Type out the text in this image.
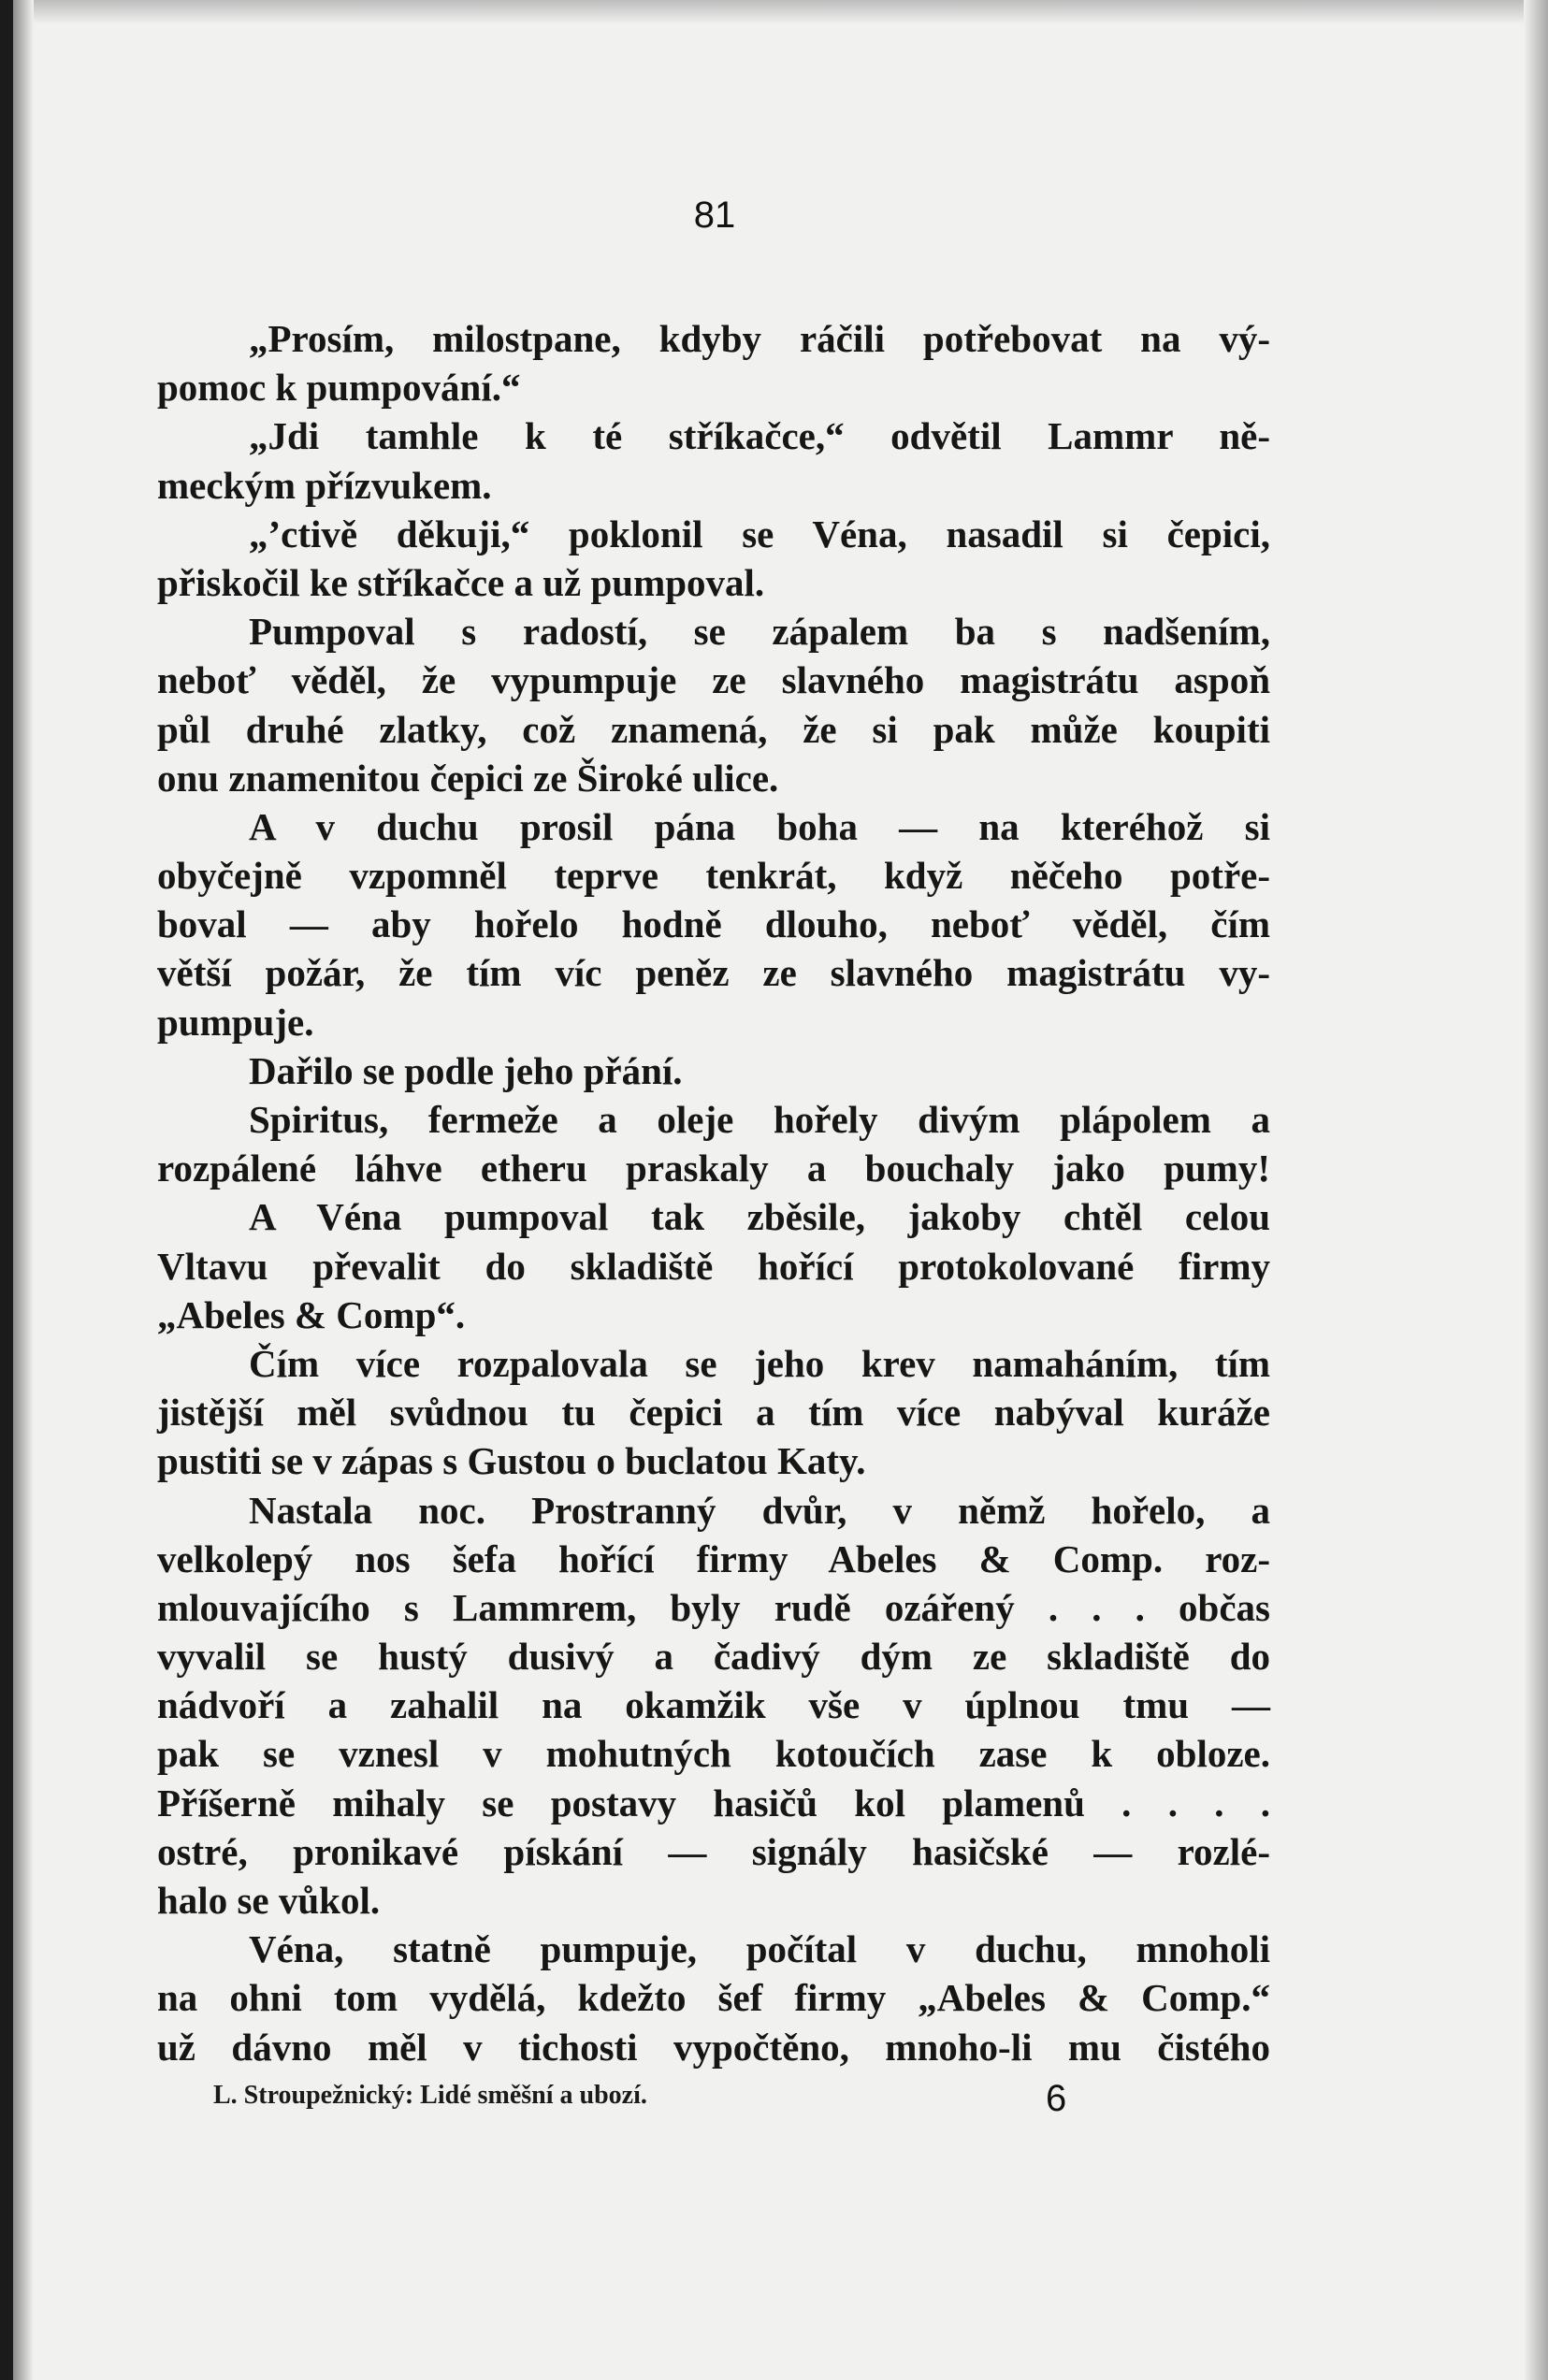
81
„Prosím, milostpane, kdyby ráčili potřebovat na vý-
pomoc k pumpování.“
„Jdi tamhle k té stříkačce,“ odvětil Lammr ně-
meckým přízvukem.
„’ctivě děkuji,“ poklonil se Véna, nasadil si čepici,
přiskočil ke stříkačce a už pumpoval.
Pumpoval s radostí, se zápalem ba s nadšením,
neboť věděl, že vypumpuje ze slavného magistrátu aspoň
půl druhé zlatky, což znamená, že si pak může koupiti
onu znamenitou čepici ze Široké ulice.
A v duchu prosil pána boha — na kteréhož si
obyčejně vzpomněl teprve tenkrát, když něčeho potře-
boval — aby hořelo hodně dlouho, neboť věděl, čím
větší požár, že tím víc peněz ze slavného magistrátu vy-
pumpuje.
Dařilo se podle jeho přání.
Spiritus, fermeže a oleje hořely divým plápolem a
rozpálené láhve etheru praskaly a bouchaly jako pumy!
A Véna pumpoval tak zběsile, jakoby chtěl celou
Vltavu převalit do skladiště hořící protokolované firmy
„Abeles & Comp“.
Čím více rozpalovala se jeho krev namaháním, tím
jistější měl svůdnou tu čepici a tím více nabýval kuráže
pustiti se v zápas s Gustou o buclatou Katy.
Nastala noc. Prostranný dvůr, v němž hořelo, a
velkolepý nos šefa hořící firmy Abeles & Comp. roz-
mlouvajícího s Lammrem, byly rudě ozářený . . . občas
vyvalil se hustý dusivý a čadivý dým ze skladiště do
nádvoří a zahalil na okamžik vše v úplnou tmu —
pak se vznesl v mohutných kotoučích zase k obloze.
Příšerně mihaly se postavy hasičů kol plamenů . . . .
ostré, pronikavé pískání — signály hasičské — rozlé-
halo se vůkol.
Véna, statně pumpuje, počítal v duchu, mnoholi
na ohni tom vydělá, kdežto šef firmy „Abeles & Comp.“
už dávno měl v tichosti vypočtěno, mnoho-li mu čistého
L. Stroupežnický: Lidé směšní a ubozí.	6
